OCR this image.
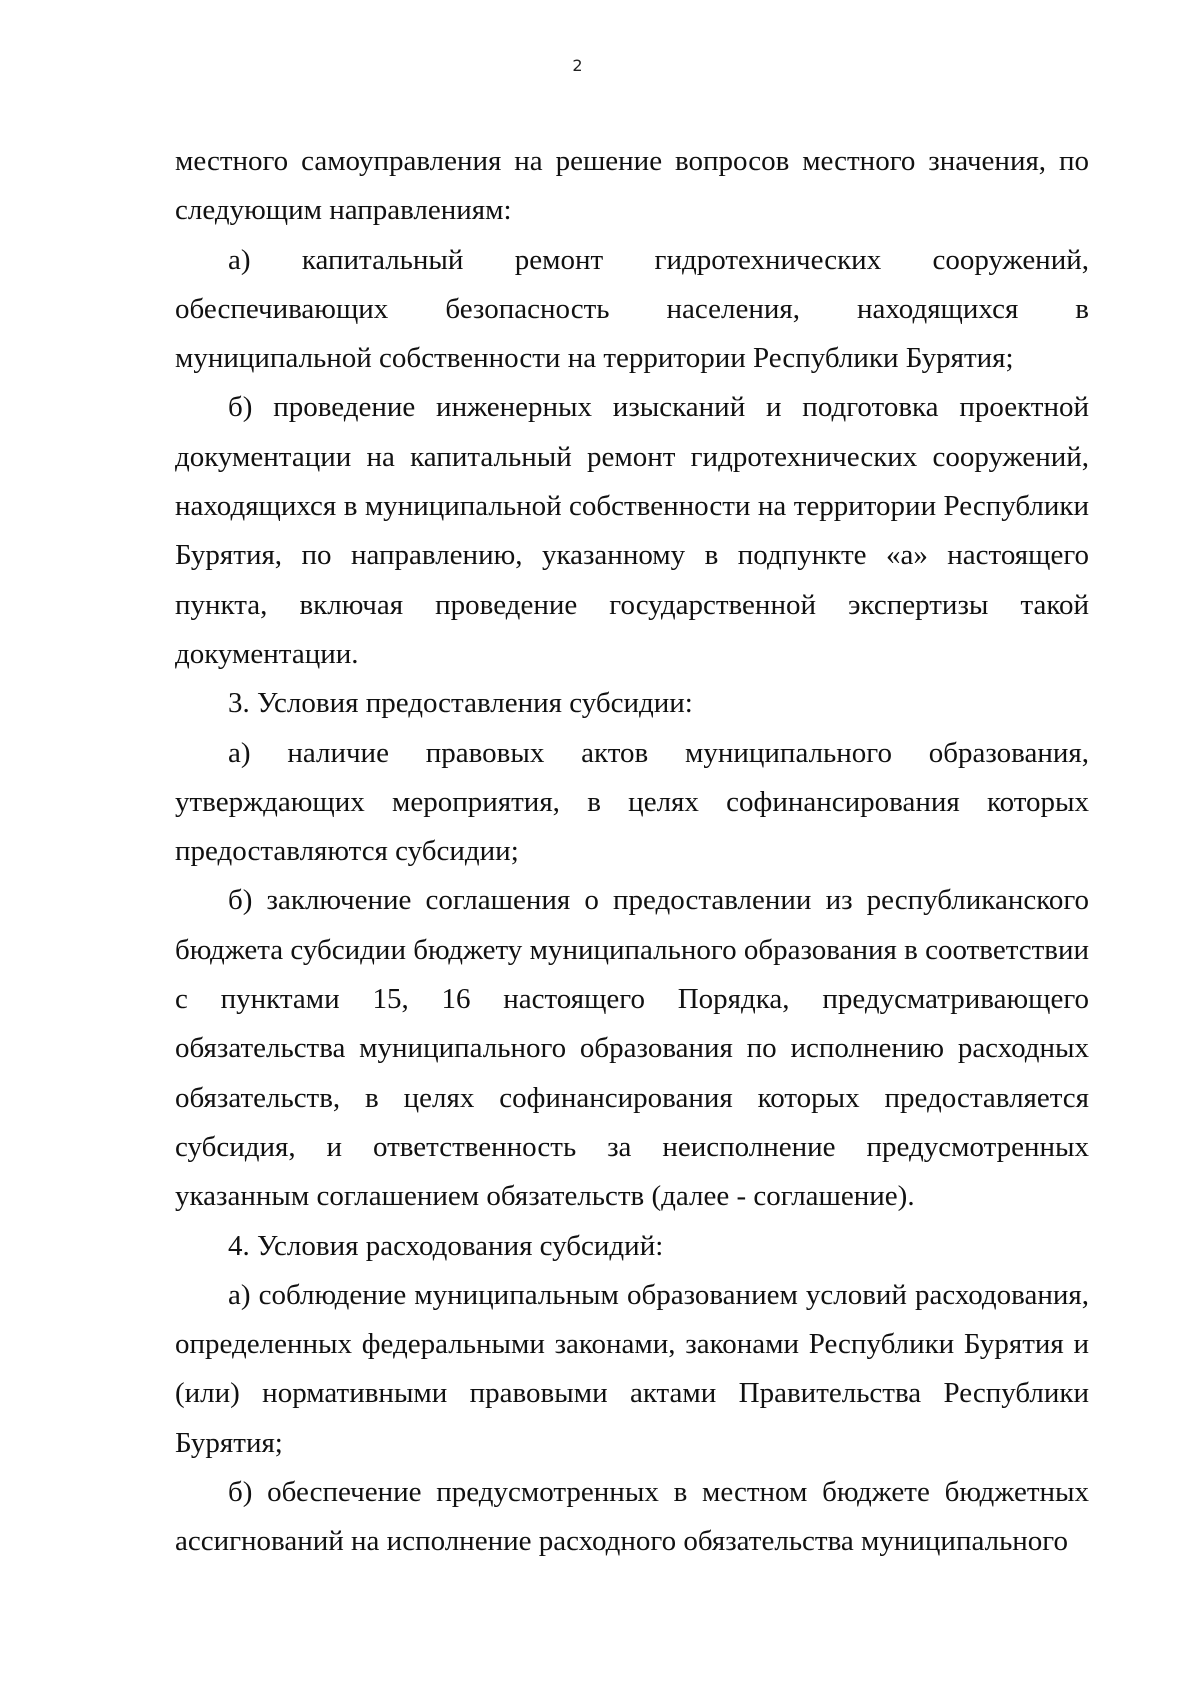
2

местного самоуправления на решение вопросов местного значения, по следующим направлениям:

а) капитальный ремонт гидротехнических сооружений, обеспечивающих безопасность населения, находящихся в муниципальной собственности на территории Республики Бурятия;

б) проведение инженерных изысканий и подготовка проектной документации на капитальный ремонт гидротехнических сооружений, находящихся в муниципальной собственности на территории Республики Бурятия, по направлению, указанному в подпункте «а» настоящего пункта, включая проведение государственной экспертизы такой документации.

3. Условия предоставления субсидии:

а) наличие правовых актов муниципального образования, утверждающих мероприятия, в целях софинансирования которых предоставляются субсидии;

б) заключение соглашения о предоставлении из республиканского бюджета субсидии бюджету муниципального образования в соответствии с пунктами 15, 16 настоящего Порядка, предусматривающего обязательства муниципального образования по исполнению расходных обязательств, в целях софинансирования которых предоставляется субсидия, и ответственность за неисполнение предусмотренных указанным соглашением обязательств (далее - соглашение).

4. Условия расходования субсидий:

а) соблюдение муниципальным образованием условий расходования, определенных федеральными законами, законами Республики Бурятия и (или) нормативными правовыми актами Правительства Республики Бурятия;

б) обеспечение предусмотренных в местном бюджете бюджетных ассигнований на исполнение расходного обязательства муниципального
